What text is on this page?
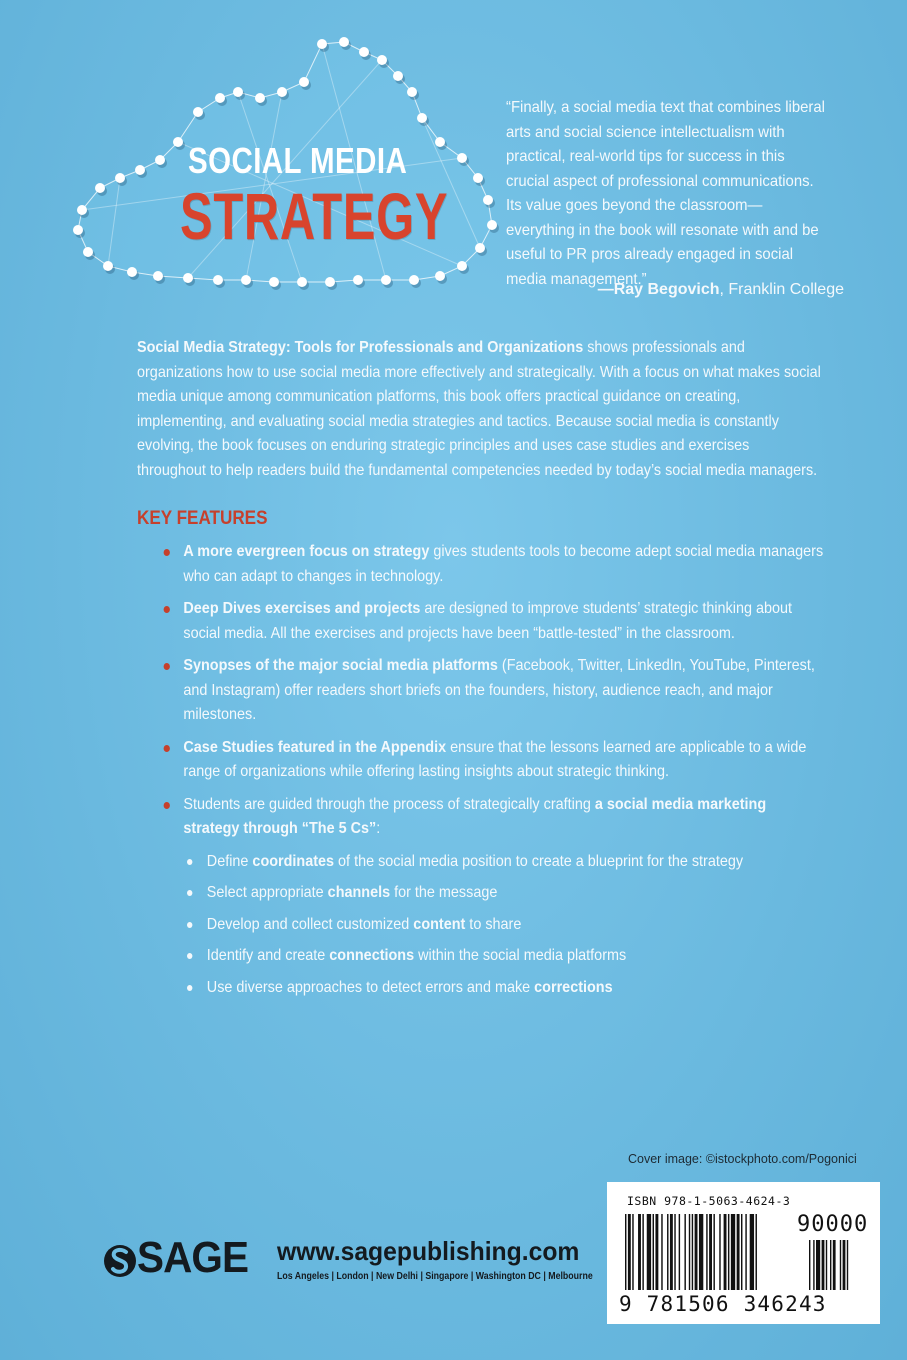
SOCIAL MEDIA
STRATEGY
“Finally, a social media text that combines liberal arts and social science intellectualism with practical, real-world tips for success in this crucial aspect of professional communications. Its value goes beyond the classroom—everything in the book will resonate with and be useful to PR pros already engaged in social media management.”
—Ray Begovich, Franklin College
Social Media Strategy: Tools for Professionals and Organizations shows professionals and organizations how to use social media more effectively and strategically. With a focus on what makes social media unique among communication platforms, this book offers practical guidance on creating, implementing, and evaluating social media strategies and tactics. Because social media is constantly evolving, the book focuses on enduring strategic principles and uses case studies and exercises throughout to help readers build the fundamental competencies needed by today’s social media managers.
KEY FEATURES
A more evergreen focus on strategy gives students tools to become adept social media managers who can adapt to changes in technology.
Deep Dives exercises and projects are designed to improve students’ strategic thinking about social media. All the exercises and projects have been “battle-tested” in the classroom.
Synopses of the major social media platforms (Facebook, Twitter, LinkedIn, YouTube, Pinterest, and Instagram) offer readers short briefs on the founders, history, audience reach, and major milestones.
Case Studies featured in the Appendix ensure that the lessons learned are applicable to a wide range of organizations while offering lasting insights about strategic thinking.
Students are guided through the process of strategically crafting a social media marketing strategy through “The 5 Cs”:
Define coordinates of the social media position to create a blueprint for the strategy
Select appropriate channels for the message
Develop and collect customized content to share
Identify and create connections within the social media platforms
Use diverse approaches to detect errors and make corrections
Cover image: ©istockphoto.com/Pogonici
ISBN 978-1-5063-4624-3
90000
9 781506 346243
SAGE www.sagepublishing.com
Los Angeles | London | New Delhi | Singapore | Washington DC | Melbourne
